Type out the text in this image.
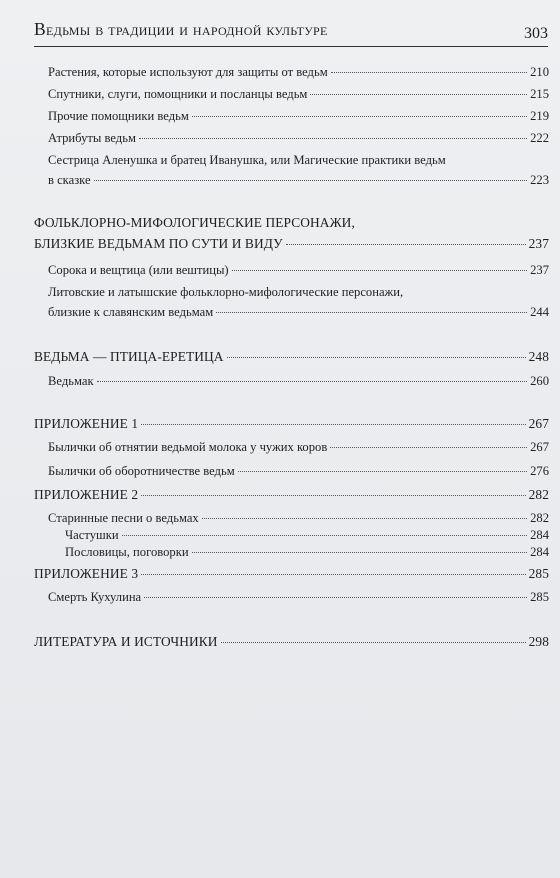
Ведьмы в традиции и народной культуре	303
Растения, которые используют для защиты от ведьм	210
Спутники, слуги, помощники и посланцы ведьм	215
Прочие помощники ведьм	219
Атрибуты ведьм	222
Сестрица Аленушка и братец Иванушка, или Магические практики ведьм
в сказке	223
ФОЛЬКЛОРНО-МИФОЛОГИЧЕСКИЕ ПЕРСОНАЖИ,
БЛИЗКИЕ ВЕДЬМАМ ПО СУТИ И ВИДУ	237
Сорока и вещтица (или вештицы)	237
Литовские и латышские фольклорно-мифологические персонажи,
близкие к славянским ведьмам	244
ВЕДЬМА — ПТИЦА-ЕРЕТИЦА	248
Ведьмак	260
ПРИЛОЖЕНИЕ 1	267
Былички об отнятии ведьмой молока у чужих коров	267
Былички об оборотничестве ведьм	276
ПРИЛОЖЕНИЕ 2	282
Старинные песни о ведьмах	282
Частушки	284
Пословицы, поговорки	284
ПРИЛОЖЕНИЕ 3	285
Смерть Кухулина	285
ЛИТЕРАТУРА И ИСТОЧНИКИ	298
